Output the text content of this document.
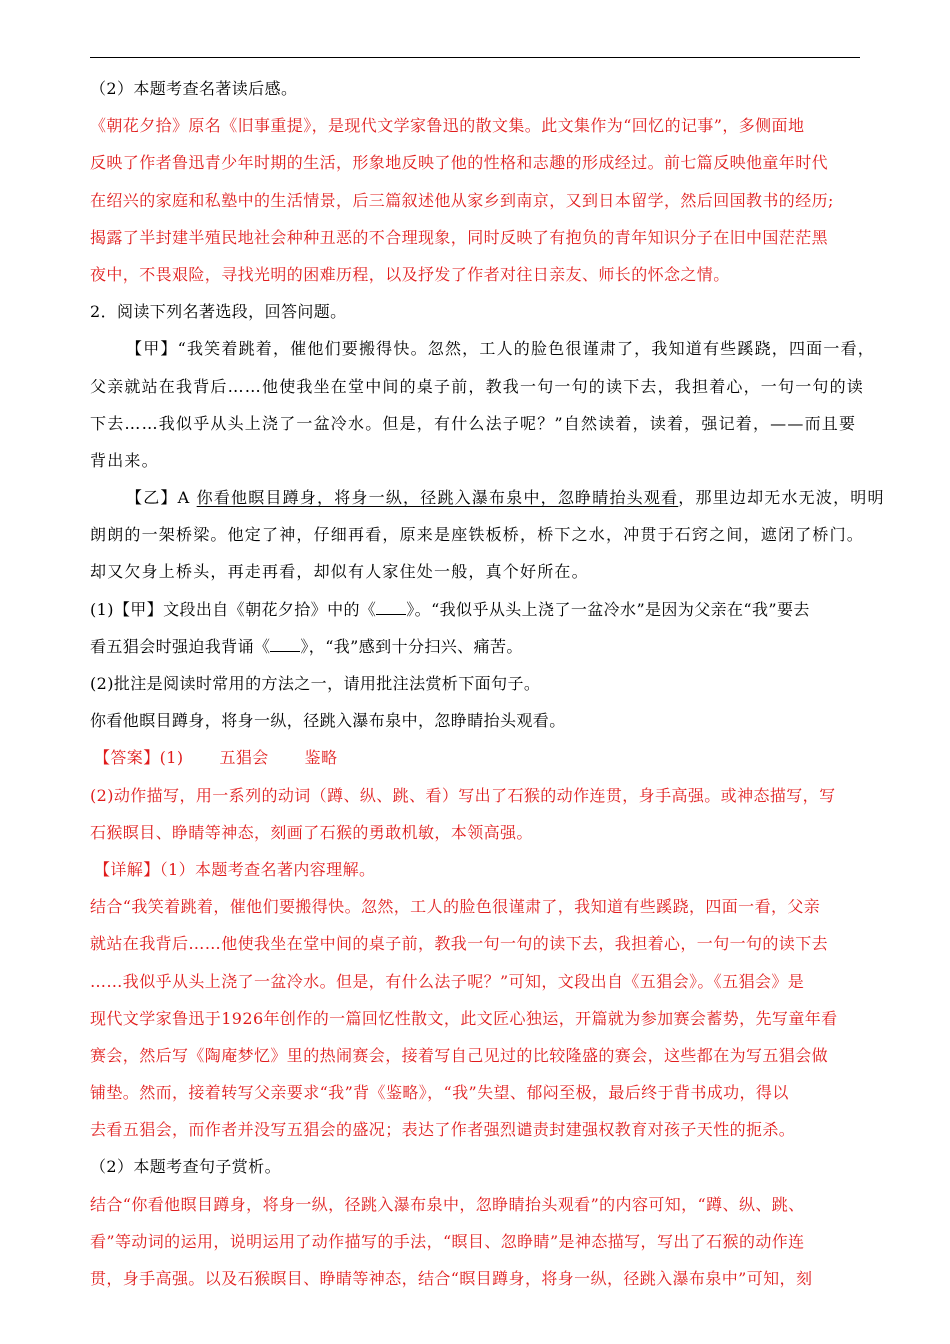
（2）本题考查名著读后感。
《朝花夕拾》原名《旧事重提》，是现代文学家鲁迅的散文集。此文集作为“回忆的记事”，多侧面地
反映了作者鲁迅青少年时期的生活，形象地反映了他的性格和志趣的形成经过。前七篇反映他童年时代
在绍兴的家庭和私塾中的生活情景，后三篇叙述他从家乡到南京，又到日本留学，然后回国教书的经历;
揭露了半封建半殖民地社会种种丑恶的不合理现象，同时反映了有抱负的青年知识分子在旧中国茫茫黑
夜中，不畏艰险，寻找光明的困难历程，以及抒发了作者对往日亲友、师长的怀念之情。
2．阅读下列名著选段，回答问题。
【甲】“我笑着跳着，催他们要搬得快。忽然，工人的脸色很谨肃了，我知道有些蹊跷，四面一看，
父亲就站在我背后……他使我坐在堂中间的桌子前，教我一句一句的读下去，我担着心，一句一句的读
下去……我似乎从头上浇了一盆冷水。但是，有什么法子呢？”自然读着，读着，强记着，——而且要
背出来。
【乙】A 你看他瞑目蹲身，将身一纵，径跳入瀑布泉中，忽睁睛抬头观看，那里边却无水无波，明明
朗朗的一架桥梁。他定了神，仔细再看，原来是座铁板桥，桥下之水，冲贯于石窍之间，遮闭了桥门。
却又欠身上桥头，再走再看，却似有人家住处一般，真个好所在。
(1)【甲】文段出自《朝花夕拾》中的《 》。“我似乎从头上浇了一盆冷水”是因为父亲在“我”要去
看五猖会时强迫我背诵《 》，“我”感到十分扫兴、痛苦。
(2)批注是阅读时常用的方法之一，请用批注法赏析下面句子。
你看他瞑目蹲身，将身一纵，径跳入瀑布泉中，忽睁睛抬头观看。
【答案】(1) 五猖会 鉴略
(2)动作描写，用一系列的动词（蹲、纵、跳、看）写出了石猴的动作连贯，身手高强。或神态描写，写
石猴瞑目、睁睛等神态，刻画了石猴的勇敢机敏，本领高强。
【详解】（1）本题考查名著内容理解。
结合“我笑着跳着，催他们要搬得快。忽然，工人的脸色很谨肃了，我知道有些蹊跷，四面一看，父亲
就站在我背后……他使我坐在堂中间的桌子前，教我一句一句的读下去，我担着心，一句一句的读下去
……我似乎从头上浇了一盆冷水。但是，有什么法子呢？”可知，文段出自《五猖会》。《五猖会》是
现代文学家鲁迅于1926年创作的一篇回忆性散文，此文匠心独运，开篇就为参加赛会蓄势，先写童年看
赛会，然后写《陶庵梦忆》里的热闹赛会，接着写自己见过的比较隆盛的赛会，这些都在为写五猖会做
铺垫。然而，接着转写父亲要求“我”背《鉴略》，“我”失望、郁闷至极，最后终于背书成功，得以
去看五猖会，而作者并没写五猖会的盛况；表达了作者强烈谴责封建强权教育对孩子天性的扼杀。
（2）本题考查句子赏析。
结合“你看他瞑目蹲身，将身一纵，径跳入瀑布泉中，忽睁睛抬头观看”的内容可知，“蹲、纵、跳、
看”等动词的运用，说明运用了动作描写的手法，“瞑目、忽睁睛”是神态描写，写出了石猴的动作连
贯，身手高强。以及石猴瞑目、睁睛等神态，结合“瞑目蹲身，将身一纵，径跳入瀑布泉中”可知，刻
